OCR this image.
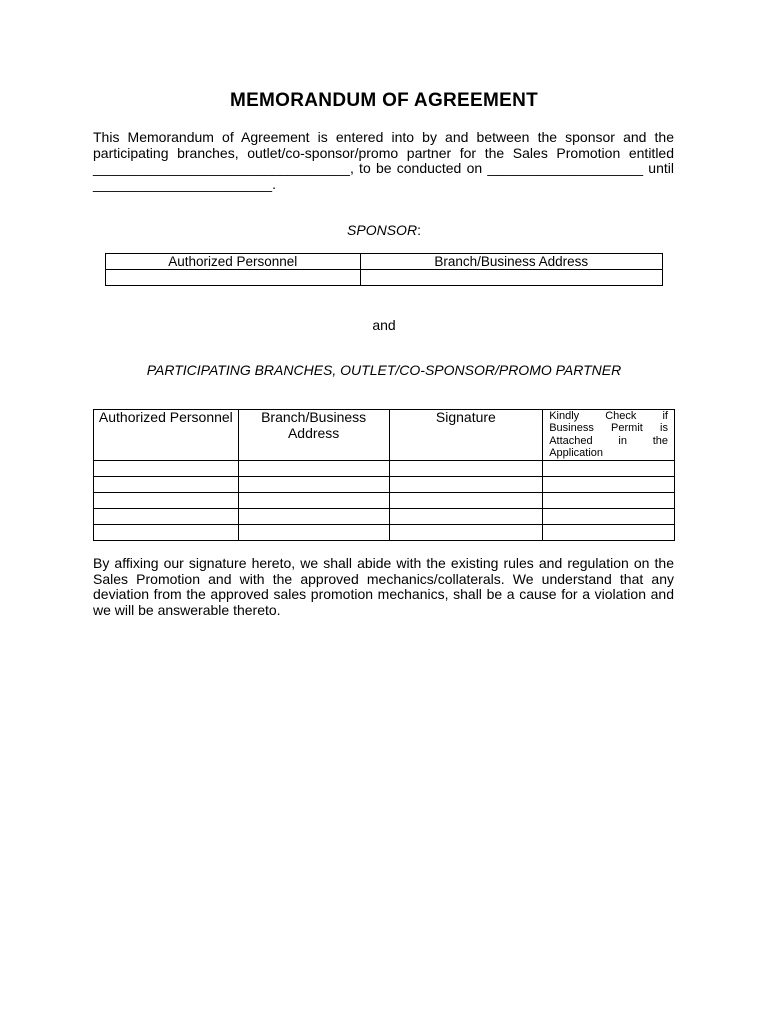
MEMORANDUM OF AGREEMENT

This Memorandum of Agreement is entered into by and between the sponsor and the participating branches, outlet/co-sponsor/promo partner for the Sales Promotion entitled _________________________________, to be conducted on ____________________ until _______________________.

SPONSOR:
Authorized Personnel	Branch/Business Address

and
PARTICIPATING BRANCHES, OUTLET/CO-SPONSOR/PROMO PARTNER
Authorized Personnel	Branch/Business Address	Signature	Kindly Check if Business Permit is Attached in the
Application

By affixing our signature hereto, we shall abide with the existing rules and regulation on the Sales Promotion and with the approved mechanics/collaterals. We understand that any deviation from the approved sales promotion mechanics, shall be a cause for a violation and we will be answerable thereto.
